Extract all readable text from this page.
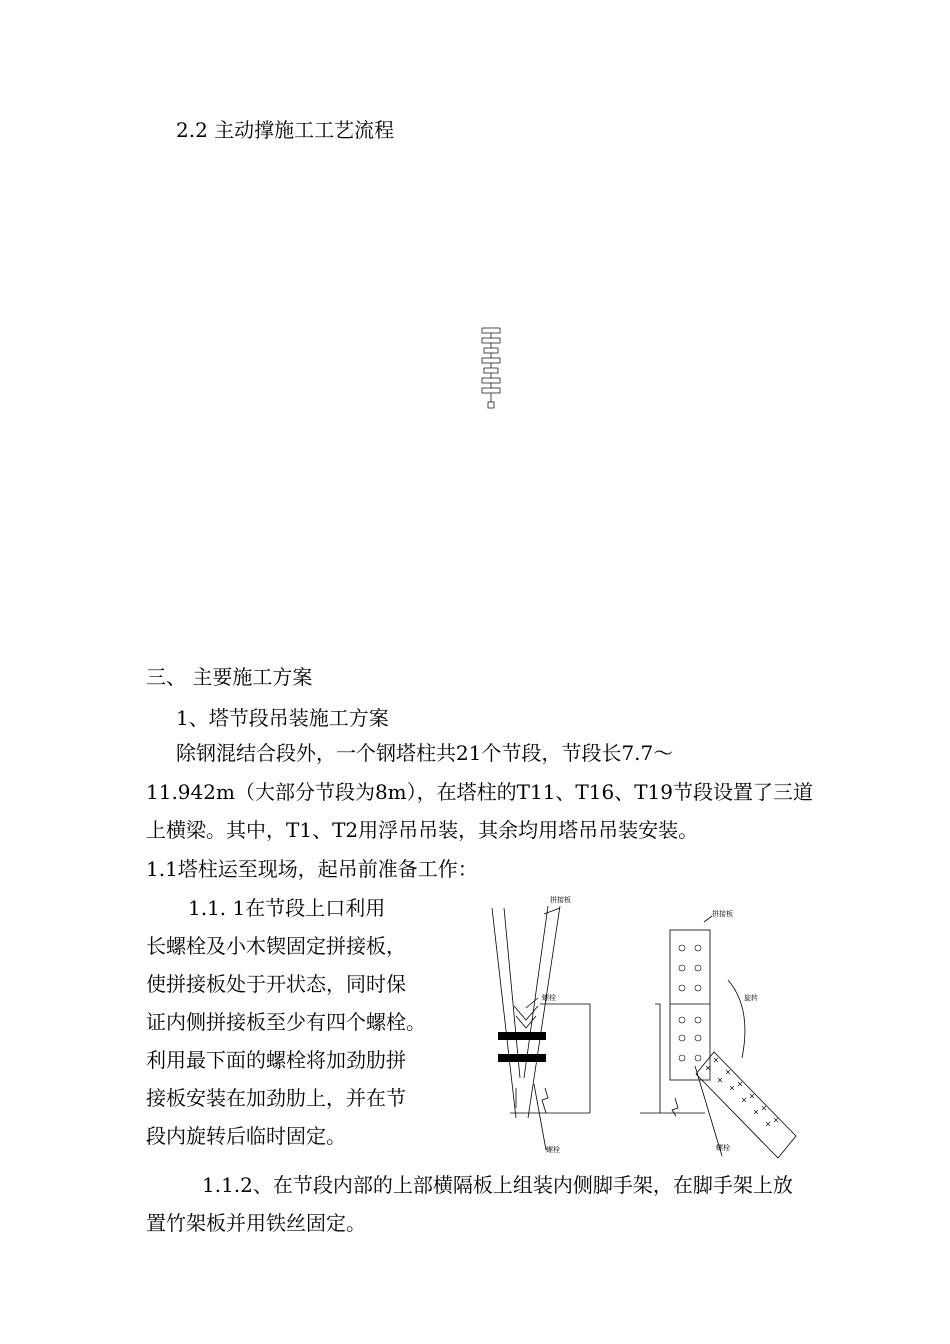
2.2 主动撑施工工艺流程
三、 主要施工方案
1、塔节段吊装施工方案
除钢混结合段外，一个钢塔柱共21个节段，节段长7.7～
11.942m（大部分节段为8m），在塔柱的T11、T16、T19节段设置了三道
上横梁。其中，T1、T2用浮吊吊装，其余均用塔吊吊装安装。
1.1塔柱运至现场，起吊前准备工作：
1.1. 1在节段上口利用
长螺栓及小木锲固定拼接板，
使拼接板处于开状态，同时保
证内侧拼接板至少有四个螺栓。
利用最下面的螺栓将加劲肋拼
接板安装在加劲肋上，并在节
段内旋转后临时固定。
拼接板
螺栓
螺栓
拼接板
旋转
螺栓
1.1.2、在节段内部的上部横隔板上组装内侧脚手架，在脚手架上放
置竹架板并用铁丝固定。
